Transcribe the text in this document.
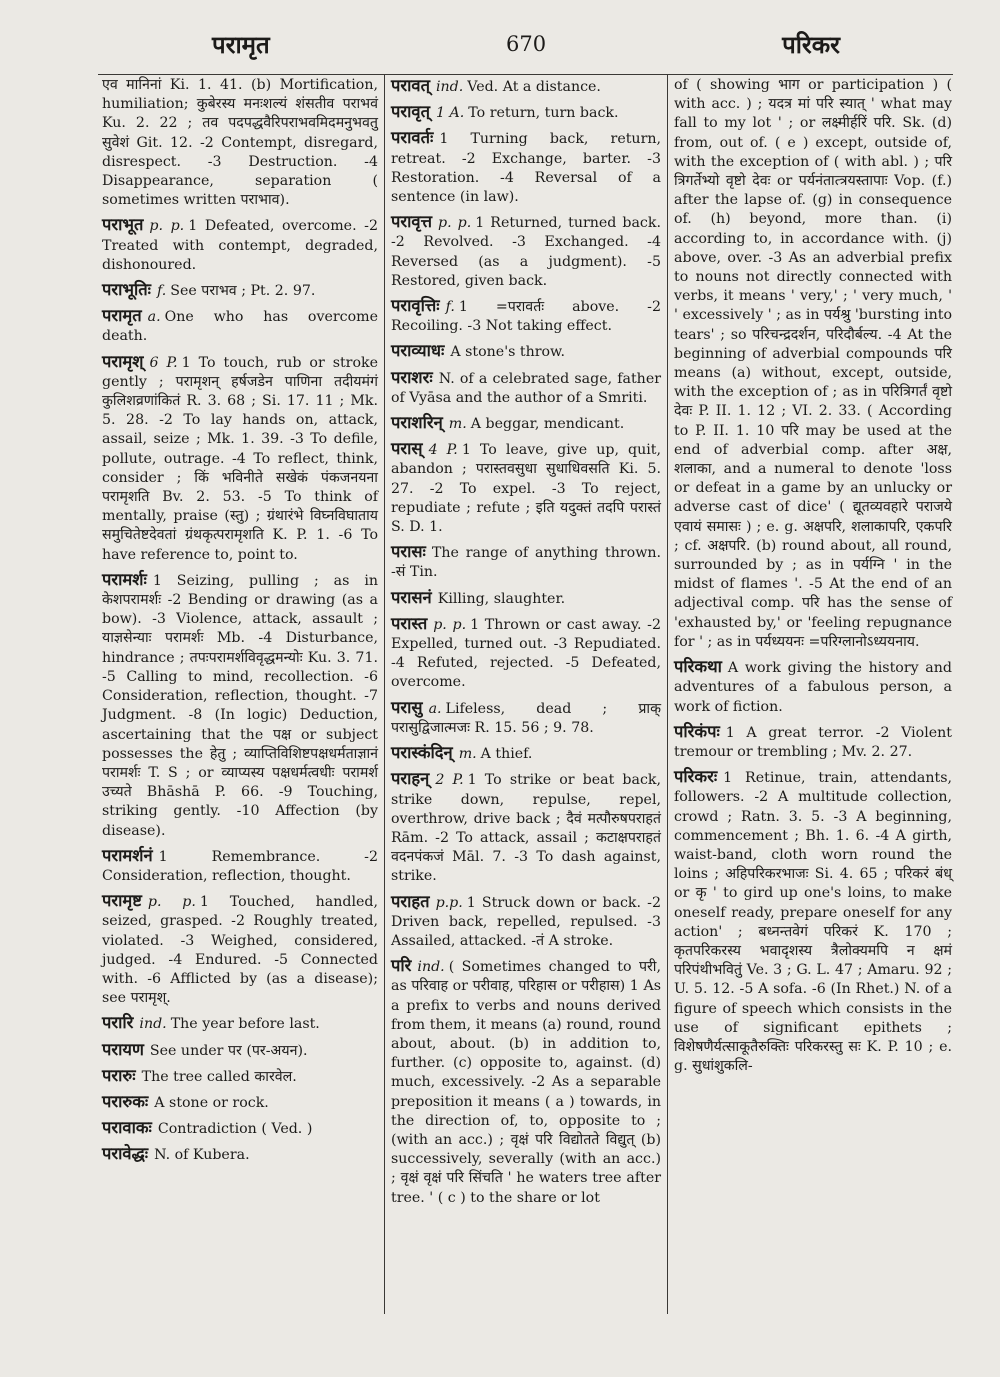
परामृत	670	परिकर

एव मानिनां Ki. 1. 41. (b) Mortification, humiliation; कुबेरस्य मनःशल्यं शंसतीव पराभवं Ku. 2. 22 ; तव पदपद्धवैरिपराभवमिदमनुभवतु सुवेशं Git. 12. -2 Contempt, disregard, disrespect. -3 Destruction. -4 Disappearance, separation ( sometimes written पराभाव).

पराभूत p. p. 1 Defeated, overcome. -2 Treated with contempt, degraded, dishonoured.

पराभूतिः f. See पराभव ; Pt. 2. 97.

परामृत a. One who has overcome death.

परामृश् 6 P. 1 To touch, rub or stroke gently ; परामृशन् हर्षजडेन पाणिना तदीयमंगं कुलिशव्रणांकितं R. 3. 68 ; Si. 17. 11 ; Mk. 5. 28. -2 To lay hands on, attack, assail, seize ; Mk. 1. 39. -3 To defile, pollute, outrage. -4 To reflect, think, consider ; किं भविनीते सखेकं पंकजनयना परामृशति Bv. 2. 53. -5 To think of mentally, praise (स्तु) ; ग्रंथारंभे विघ्नविघाताय समुचितेष्टदेवतां ग्रंथकृत्परामृशति K. P. 1. -6 To have reference to, point to.

परामर्शः 1 Seizing, pulling ; as in केशपरामर्शः -2 Bending or drawing (as a bow). -3 Violence, attack, assault ; याज्ञसेन्याः परामर्शः Mb. -4 Disturbance, hindrance ; तपःपरामर्शविवृद्धमन्योः Ku. 3. 71. -5 Calling to mind, recollection. -6 Consideration, reflection, thought. -7 Judgment. -8 (In logic) Deduction, ascertaining that the पक्ष or subject possesses the हेतु ; व्याप्तिविशिष्टपक्षधर्मताज्ञानं परामर्शः T. S ; or व्याप्यस्य पक्षधर्मत्वधीः परामर्श उच्यते Bhāshā P. 66. -9 Touching, striking gently. -10 Affection (by disease).

परामर्शनं 1 Remembrance. -2 Consideration, reflection, thought.

परामृष्ट p. p. 1 Touched, handled, seized, grasped. -2 Roughly treated, violated. -3 Weighed, considered, judged. -4 Endured. -5 Connected with. -6 Afflicted by (as a disease); see परामृश्.

परारि ind. The year before last.

परायण See under पर (पर-अयन).

परारुः The tree called कारवेल.

परारुकः A stone or rock.

परावाकः Contradiction ( Ved. )

परावेद्धः N. of Kubera.

परावत् ind. Ved. At a distance.

परावृत् 1 A. To return, turn back.

परावर्तः 1 Turning back, return, retreat. -2 Exchange, barter. -3 Restoration. -4 Reversal of a sentence (in law).

परावृत्त p. p. 1 Returned, turned back. -2 Revolved. -3 Exchanged. -4 Reversed (as a judgment). -5 Restored, given back.

परावृत्तिः f. 1 =परावर्तः above. -2 Recoiling. -3 Not taking effect.

पराव्याधः A stone's throw.

पराशरः N. of a celebrated sage, father of Vyāsa and the author of a Smriti.

पराशरिन् m. A beggar, mendicant.

परास् 4 P. 1 To leave, give up, quit, abandon ; परास्तवसुधा सुधाधिवसति Ki. 5. 27. -2 To expel. -3 To reject, repudiate ; refute ; इति यदुक्तं तदपि परास्तं S. D. 1.

परासः The range of anything thrown. -सं Tin.

परासनं Killing, slaughter.

परास्त p. p. 1 Thrown or cast away. -2 Expelled, turned out. -3 Repudiated. -4 Refuted, rejected. -5 Defeated, overcome.

परासु a. Lifeless, dead ; प्राक् परासुद्विजात्मजः R. 15. 56 ; 9. 78.

परास्कंदिन् m. A thief.

पराहन् 2 P. 1 To strike or beat back, strike down, repulse, repel, overthrow, drive back ; दैवं मत्पौरुषपराहतं Rām. -2 To attack, assail ; कटाक्षपराहतं वदनपंकजं Māl. 7. -3 To dash against, strike.

पराहत p.p. 1 Struck down or back. -2 Driven back, repelled, repulsed. -3 Assailed, attacked. -तं A stroke.

परि ind. ( Sometimes changed to परी, as परिवाह or परीवाह, परिहास or परीहास) 1 As a prefix to verbs and nouns derived from them, it means (a) round, round about, about. (b) in addition to, further. (c) opposite to, against. (d) much, excessively. -2 As a separable preposition it means ( a ) towards, in the direction of, to, opposite to ; (with an acc.) ; वृक्षं परि विद्योतते विद्युत् (b) successively, severally (with an acc.) ; वृक्षं वृक्षं परि सिंचति ' he waters tree after tree. ' ( c ) to the share or lot

of ( showing भाग or participation ) ( with acc. ) ; यदत्र मां परि स्यात् ' what may fall to my lot ' ; or लक्ष्मीर्हरिं परि. Sk. (d) from, out of. ( e ) except, outside of, with the exception of ( with abl. ) ; परि त्रिगर्तेभ्यो वृष्टो देवः or पर्यनंतात्त्रयस्तापाः Vop. (f.) after the lapse of. (g) in consequence of. (h) beyond, more than. (i) according to, in accordance with. (j) above, over. -3 As an adverbial prefix to nouns not directly connected with verbs, it means ' very,' ; ' very much, ' ' excessively ' ; as in पर्यश्रु 'bursting into tears' ; so परिचन्द्रदर्शन, परिदौर्बल्य. -4 At the beginning of adverbial compounds परि means (a) without, except, outside, with the exception of ; as in परित्रिगर्तं वृष्टो देवः P. II. 1. 12 ; VI. 2. 33. ( According to P. II. 1. 10 परि may be used at the end of adverbial comp. after अक्ष, शलाका, and a numeral to denote 'loss or defeat in a game by an unlucky or adverse cast of dice' ( द्यूतव्यवहारे पराजये एवायं समासः ) ; e. g. अक्षपरि, शलाकापरि, एकपरि ; cf. अक्षपरि. (b) round about, all round, surrounded by ; as in पर्यग्नि ' in the midst of flames '. -5 At the end of an adjectival comp. परि has the sense of 'exhausted by,' or 'feeling repugnance for ' ; as in पर्यध्ययनः =परिग्लानोऽध्ययनाय.

परिकथा A work giving the history and adventures of a fabulous person, a work of fiction.

परिकंपः 1 A great terror. -2 Violent tremour or trembling ; Mv. 2. 27.

परिकरः 1 Retinue, train, attendants, followers. -2 A multitude collection, crowd ; Ratn. 3. 5. -3 A beginning, commencement ; Bh. 1. 6. -4 A girth, waist-band, cloth worn round the loins ; अहिपरिकरभाजः Si. 4. 65 ; परिकरं बंध् or कृ ' to gird up one's loins, to make oneself ready, prepare oneself for any action' ; बध्नन्तवेगं परिकरं K. 170 ; कृतपरिकरस्य भवादृशस्य त्रैलोक्यमपि न क्षमं परिपंथीभवितुं Ve. 3 ; G. L. 47 ; Amaru. 92 ; U. 5. 12. -5 A sofa. -6 (In Rhet.) N. of a figure of speech which consists in the use of significant epithets ; विशेषणैर्यत्साकूतैरुक्तिः परिकरस्तु सः K. P. 10 ; e. g. सुधांशुकलि-
